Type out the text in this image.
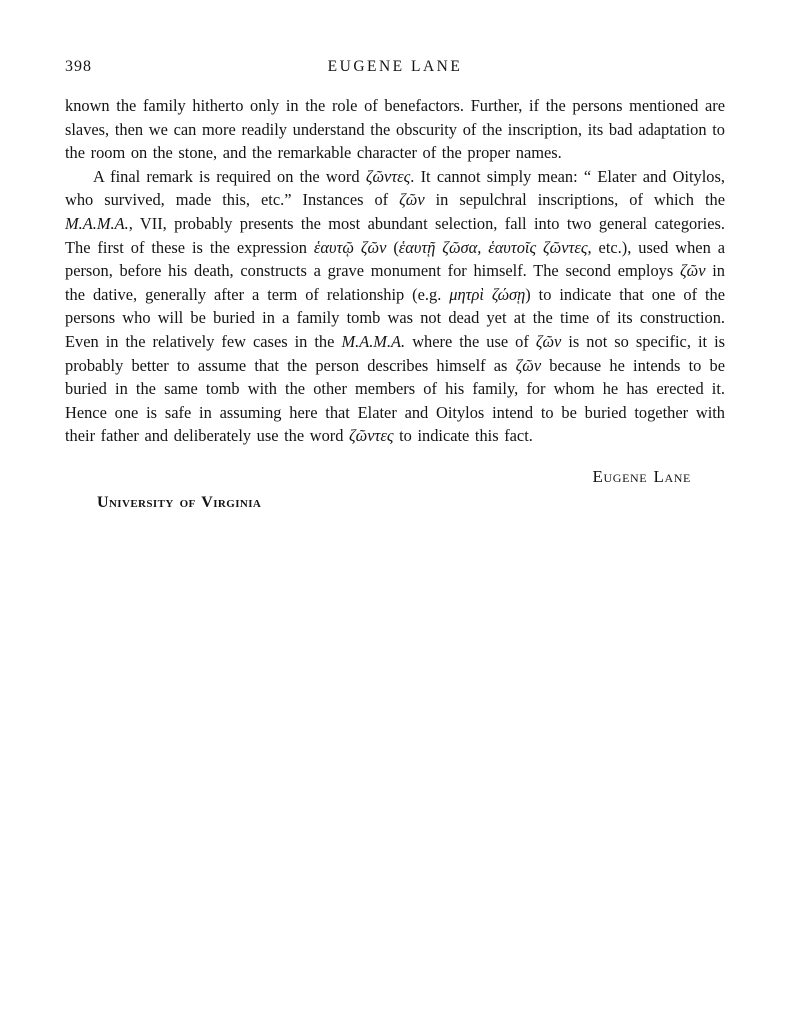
398	EUGENE LANE

known the family hitherto only in the role of benefactors. Further, if the persons mentioned are slaves, then we can more readily understand the obscurity of the inscription, its bad adaptation to the room on the stone, and the remarkable character of the proper names.

A final remark is required on the word ζῶντες. It cannot simply mean: “ Elater and Oitylos, who survived, made this, etc.” Instances of ζῶν in sepulchral inscriptions, of which the M.A.M.A., VII, probably presents the most abundant selection, fall into two general categories. The first of these is the expression ἑαυτῷ ζῶν (ἑαυτῇ ζῶσα, ἑαυτοῖς ζῶντες, etc.), used when a person, before his death, constructs a grave monument for himself. The second employs ζῶν in the dative, generally after a term of relationship (e.g. μητρὶ ζώσῃ) to indicate that one of the persons who will be buried in a family tomb was not dead yet at the time of its construction. Even in the relatively few cases in the M.A.M.A. where the use of ζῶν is not so specific, it is probably better to assume that the person describes himself as ζῶν because he intends to be buried in the same tomb with the other members of his family, for whom he has erected it. Hence one is safe in assuming here that Elater and Oitylos intend to be buried together with their father and deliberately use the word ζῶντες to indicate this fact.

Eugene Lane
University of Virginia
